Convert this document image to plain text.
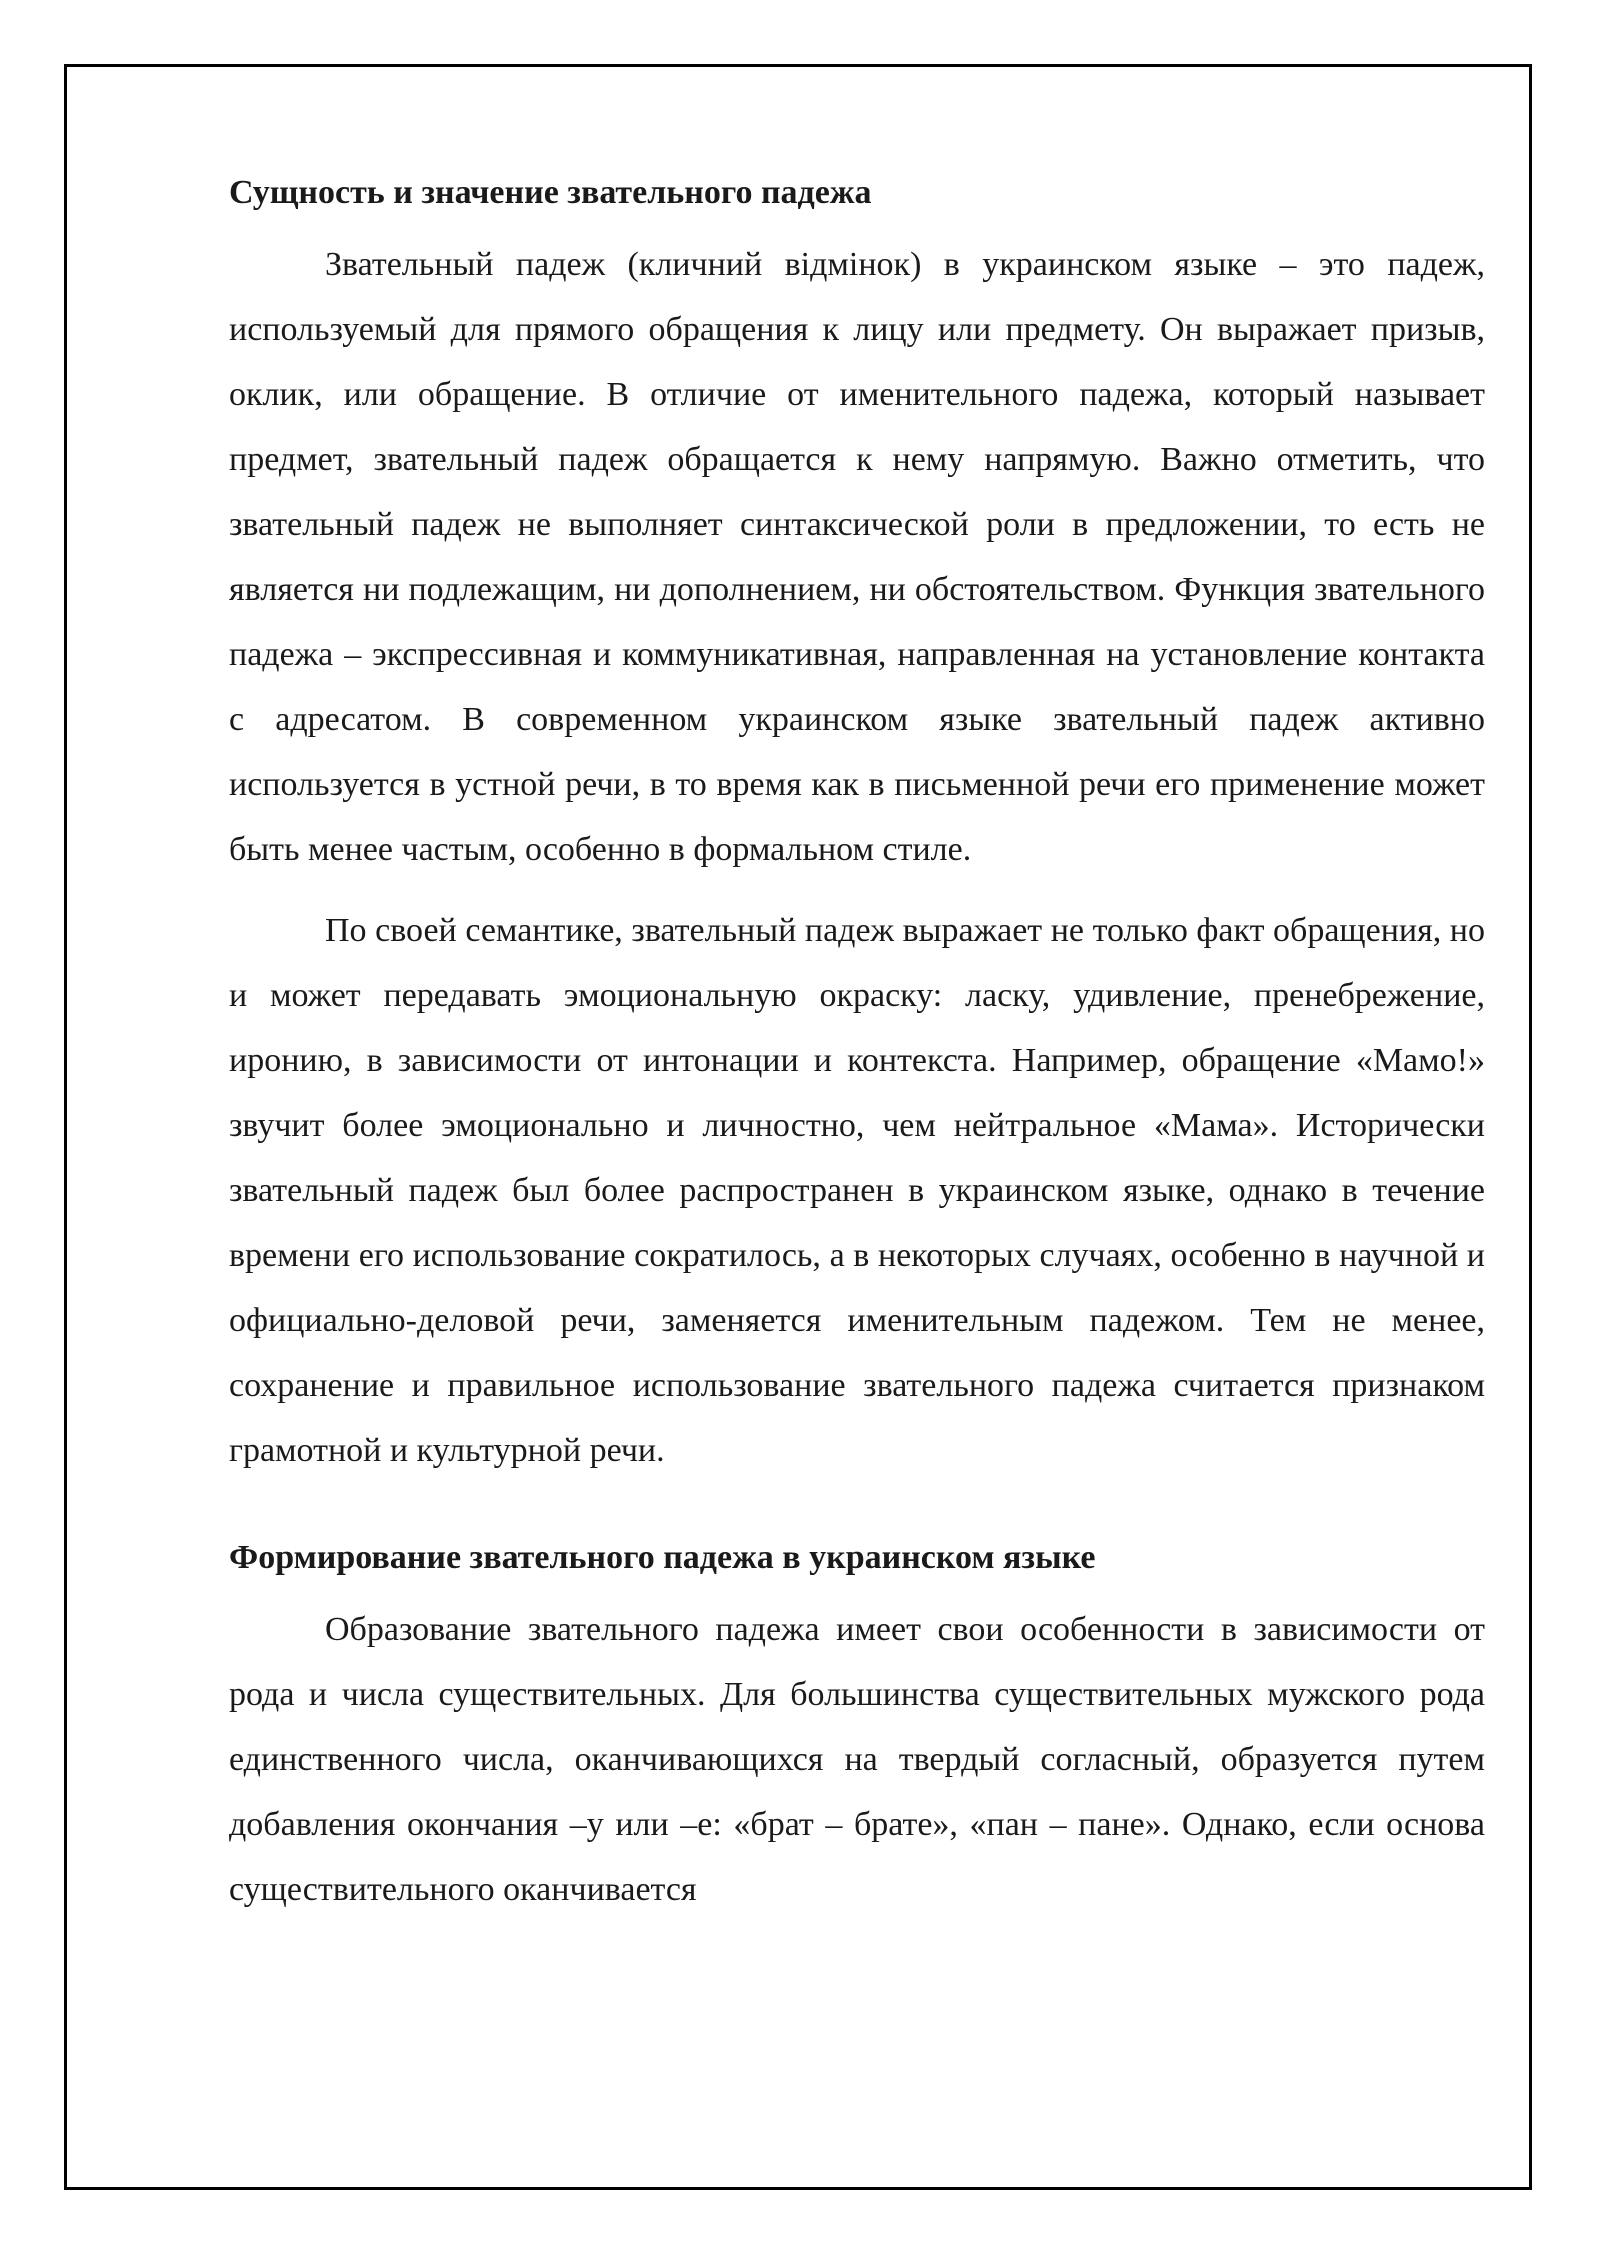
Сущность и значение звательного падежа

Звательный падеж (кличний відмінок) в украинском языке – это падеж, используемый для прямого обращения к лицу или предмету. Он выражает призыв, оклик, или обращение. В отличие от именительного падежа, который называет предмет, звательный падеж обращается к нему напрямую. Важно отметить, что звательный падеж не выполняет синтаксической роли в предложении, то есть не является ни подлежащим, ни дополнением, ни обстоятельством. Функция звательного падежа – экспрессивная и коммуникативная, направленная на установление контакта с адресатом. В современном украинском языке звательный падеж активно используется в устной речи, в то время как в письменной речи его применение может быть менее частым, особенно в формальном стиле.

По своей семантике, звательный падеж выражает не только факт обращения, но и может передавать эмоциональную окраску: ласку, удивление, пренебрежение, иронию, в зависимости от интонации и контекста. Например, обращение «Мамо!» звучит более эмоционально и личностно, чем нейтральное «Мама». Исторически звательный падеж был более распространен в украинском языке, однако в течение времени его использование сократилось, а в некоторых случаях, особенно в научной и официально-деловой речи, заменяется именительным падежом. Тем не менее, сохранение и правильное использование звательного падежа считается признаком грамотной и культурной речи.

Формирование звательного падежа в украинском языке

Образование звательного падежа имеет свои особенности в зависимости от рода и числа существительных. Для большинства существительных мужского рода единственного числа, оканчивающихся на твердый согласный, образуется путем добавления окончания –у или –е: «брат – брате», «пан – пане». Однако, если основа существительного оканчивается
